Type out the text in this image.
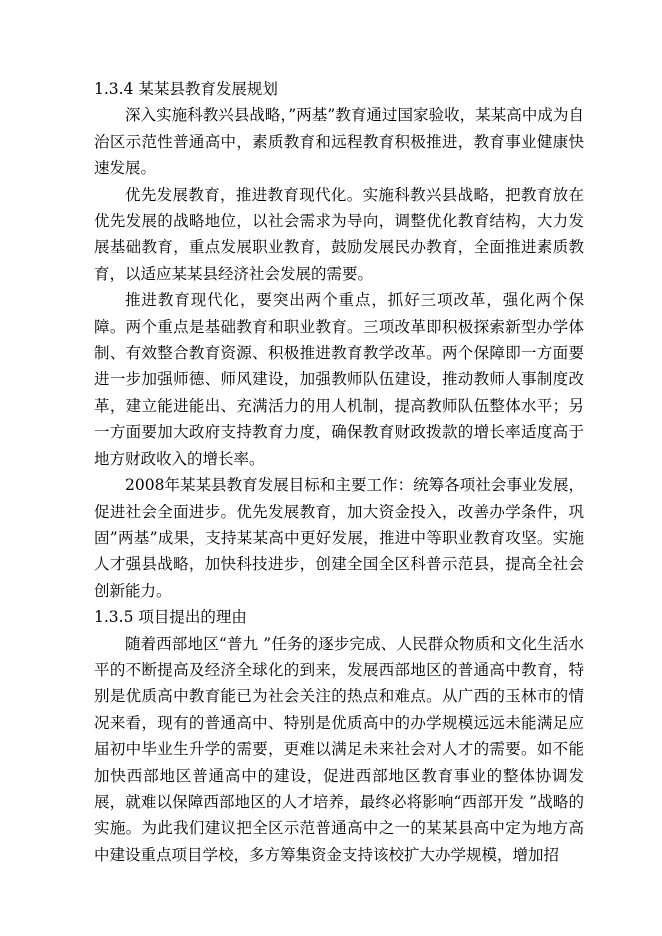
1.3.4 某某县教育发展规划

深入实施科教兴县战略，”两基”教育通过国家验收，某某高中成为自治区示范性普通高中，素质教育和远程教育积极推进，教育事业健康快速发展。

优先发展教育，推进教育现代化。实施科教兴县战略，把教育放在优先发展的战略地位，以社会需求为导向，调整优化教育结构，大力发展基础教育，重点发展职业教育，鼓励发展民办教育，全面推进素质教育，以适应某某县经济社会发展的需要。

推进教育现代化，要突出两个重点，抓好三项改革，强化两个保障。两个重点是基础教育和职业教育。三项改革即积极探索新型办学体制、有效整合教育资源、积极推进教育教学改革。两个保障即一方面要进一步加强师德、师风建设，加强教师队伍建设，推动教师人事制度改革，建立能进能出、充满活力的用人机制，提高教师队伍整体水平；另一方面要加大政府支持教育力度，确保教育财政拨款的增长率适度高于地方财政收入的增长率。

2008年某某县教育发展目标和主要工作：统筹各项社会事业发展，促进社会全面进步。优先发展教育，加大资金投入，改善办学条件，巩固”两基”成果，支持某某高中更好发展，推进中等职业教育攻坚。实施人才强县战略，加快科技进步，创建全国全区科普示范县，提高全社会创新能力。

1.3.5 项目提出的理由

随着西部地区“普九 ”任务的逐步完成、人民群众物质和文化生活水平的不断提高及经济全球化的到来，发展西部地区的普通高中教育，特别是优质高中教育能已为社会关注的热点和难点。从广西的玉林市的情况来看，现有的普通高中、特别是优质高中的办学规模远远未能满足应届初中毕业生升学的需要，更难以满足未来社会对人才的需要。如不能加快西部地区普通高中的建设，促进西部地区教育事业的整体协调发展，就难以保障西部地区的人才培养，最终必将影响“西部开发 ”战略的实施。为此我们建议把全区示范普通高中之一的某某县高中定为地方高中建设重点项目学校，多方筹集资金支持该校扩大办学规模，增加招
